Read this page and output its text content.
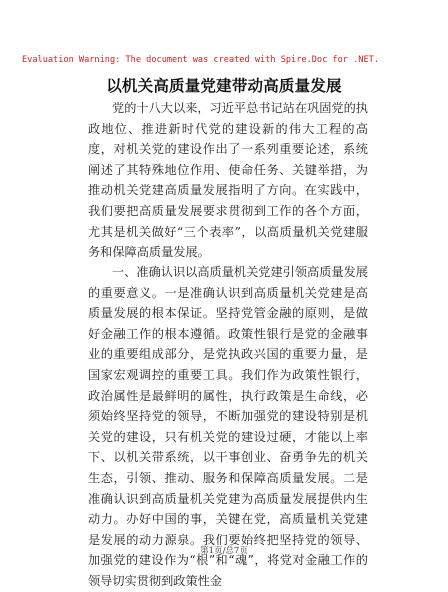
Evaluation Warning: The document was created with Spire.Doc for .NET.
以机关高质量党建带动高质量发展
党的十八大以来，习近平总书记站在巩固党的执政地位、推进新时代党的建设新的伟大工程的高度，对机关党的建设作出了一系列重要论述，系统阐述了其特殊地位作用、使命任务、关键举措，为推动机关党建高质量发展指明了方向。在实践中，我们要把高质量发展要求贯彻到工作的各个方面，尤其是机关做好“三个表率”，以高质量机关党建服务和保障高质量发展。
一、准确认识以高质量机关党建引领高质量发展的重要意义。一是准确认识到高质量机关党建是高质量发展的根本保证。坚持党管金融的原则，是做好金融工作的根本遵循。政策性银行是党的金融事业的重要组成部分，是党执政兴国的重要力量，是国家宏观调控的重要工具。我们作为政策性银行，政治属性是最鲜明的属性，执行政策是生命线，必须始终坚持党的领导，不断加强党的建设特别是机关党的建设，只有机关党的建设过硬，才能以上率下、以机关带系统，以干事创业、奋勇争先的机关生态，引领、推动、服务和保障高质量发展。二是准确认识到高质量机关党建为高质量发展提供内生动力。办好中国的事，关键在党，高质量机关党建是发展的动力源泉。我们要始终把坚持党的领导、加强党的建设作为“根”和“魂”，将党对金融工作的领导切实贯彻到政策性金
第1页/总7页
